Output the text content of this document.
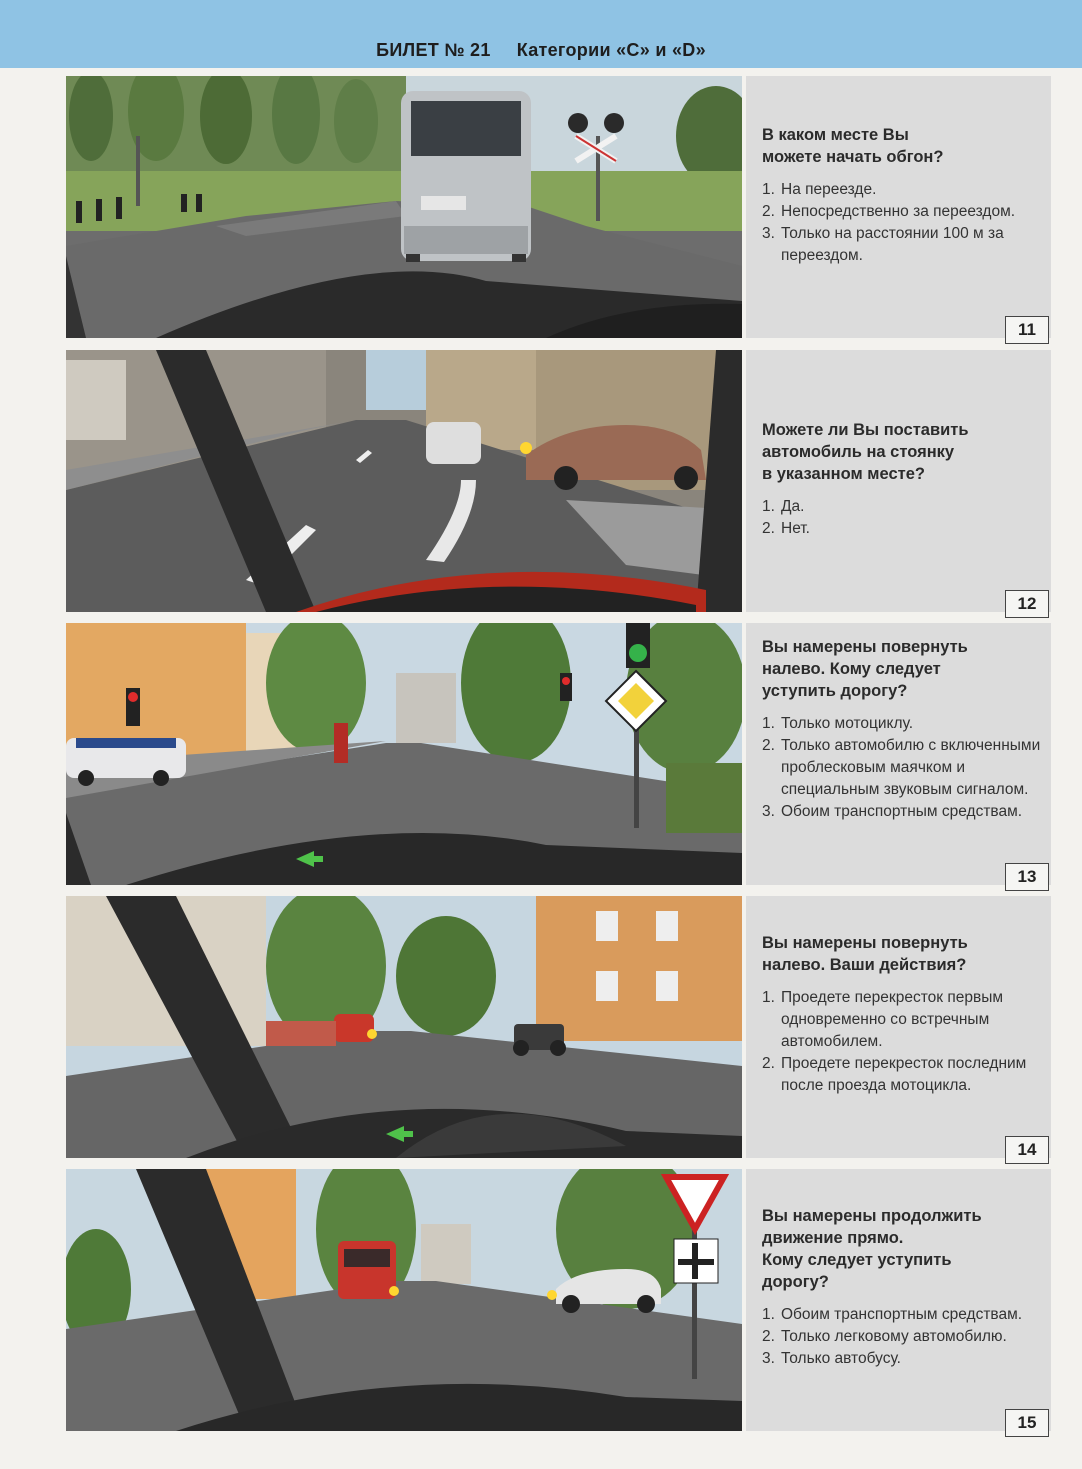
БИЛЕТ № 21 Категории «С» и «D»
В каком месте Вы
можете начать обгон?
1. На переезде.
2. Непосредственно за переездом.
3. Только на расстоянии 100 м за переездом.
11
Можете ли Вы поставить
автомобиль на стоянку
в указанном месте?
1. Да.
2. Нет.
12
Вы намерены повернуть
налево. Кому следует
уступить дорогу?
1. Только мотоциклу.
2. Только автомобилю с включенными проблесковым маячком и специальным звуковым сигналом.
3. Обоим транспортным средствам.
13
Вы намерены повернуть
налево. Ваши действия?
1. Проедете перекресток первым одновременно со встречным автомобилем.
2. Проедете перекресток последним после проезда мотоцикла.
14
Вы намерены продолжить
движение прямо.
Кому следует уступить
дорогу?
1. Обоим транспортным средствам.
2. Только легковому автомобилю.
3. Только автобусу.
15
